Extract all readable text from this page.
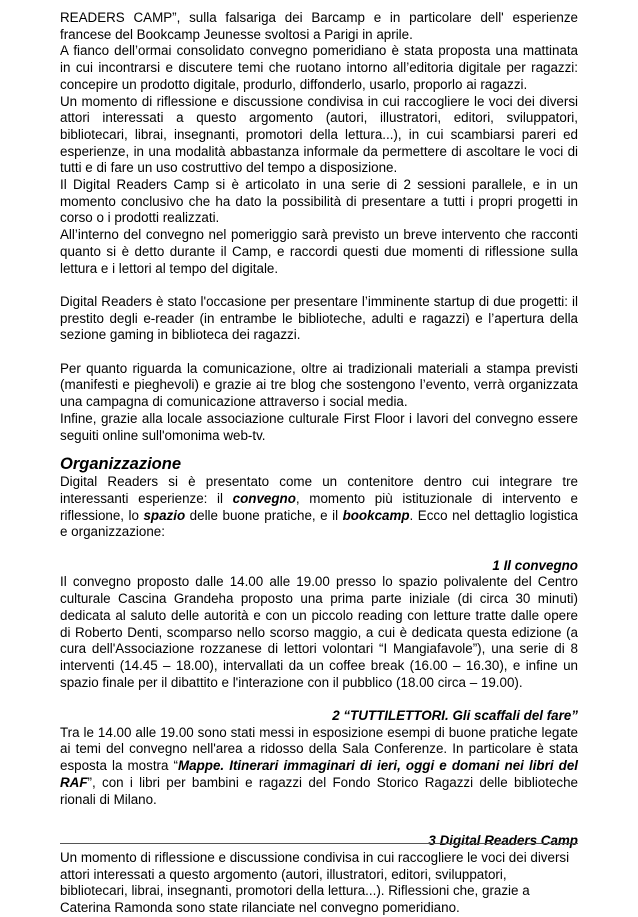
READERS CAMP”, sulla falsariga dei Barcamp e in particolare dell' esperienze francese del Bookcamp Jeunesse svoltosi a Parigi in aprile.

A fianco dell’ormai consolidato convegno pomeridiano è stata proposta una mattinata in cui incontrarsi e discutere temi che ruotano intorno all’editoria digitale per ragazzi: concepire un prodotto digitale, produrlo, diffonderlo, usarlo, proporlo ai ragazzi.

Un momento di riflessione e discussione condivisa in cui raccogliere le voci dei diversi attori interessati a questo argomento (autori, illustratori, editori, sviluppatori, bibliotecari, librai, insegnanti, promotori della lettura...), in cui scambiarsi pareri ed esperienze, in una modalità abbastanza informale da permettere di ascoltare le voci di tutti e di fare un uso costruttivo del tempo a disposizione.

Il Digital Readers Camp si è articolato in una serie di 2 sessioni parallele, e in un momento conclusivo che ha dato la possibilità di presentare a tutti i propri progetti in corso o i prodotti realizzati.

All’interno del convegno nel pomeriggio sarà previsto un breve intervento che racconti quanto si è detto durante il Camp, e raccordi questi due momenti di riflessione sulla lettura e i lettori al tempo del digitale.

Digital Readers è stato l'occasione per presentare l’imminente startup di due progetti: il prestito degli e-reader (in entrambe le biblioteche, adulti e ragazzi) e l’apertura della sezione gaming in biblioteca dei ragazzi.

Per quanto riguarda la comunicazione, oltre ai tradizionali materiali a stampa previsti (manifesti e pieghevoli) e grazie ai tre blog che sostengono l’evento, verrà organizzata una campagna di comunicazione attraverso i social media.

Infine, grazie alla locale associazione culturale First Floor i lavori del convegno essere seguiti online sull'omonima web-tv.

Organizzazione

Digital Readers si è presentato come un contenitore dentro cui integrare tre interessanti esperienze: il convegno, momento più istituzionale di intervento e riflessione, lo spazio delle buone pratiche, e il bookcamp. Ecco nel dettaglio logistica e organizzazione:

1 Il convegno

Il convegno proposto dalle 14.00 alle 19.00 presso lo spazio polivalente del Centro culturale Cascina Grandeha proposto una prima parte iniziale (di circa 30 minuti) dedicata al saluto delle autorità e con un piccolo reading con letture tratte dalle opere di Roberto Denti, scomparso nello scorso maggio, a cui è dedicata questa edizione (a cura dell'Associazione rozzanese di lettori volontari “I Mangiafavole”), una serie di 8 interventi (14.45 – 18.00), intervallati da un coffee break (16.00 – 16.30), e infine un spazio finale per il dibattito e l'interazione con il pubblico (18.00 circa – 19.00).

2 “TUTTILETTORI. Gli scaffali del fare”

Tra le 14.00 alle 19.00 sono stati messi in esposizione esempi di buone pratiche legate ai temi del convegno nell'area a ridosso della Sala Conferenze. In particolare è stata esposta la mostra “Mappe. Itinerari immaginari di ieri, oggi e domani nei libri del RAF”, con i libri per bambini e ragazzi del Fondo Storico Ragazzi delle biblioteche rionali di Milano.

3 Digital Readers Camp

Un momento di riflessione e discussione condivisa in cui raccogliere le voci dei diversi attori interessati a questo argomento (autori, illustratori, editori, sviluppatori, bibliotecari, librai, insegnanti, promotori della lettura...). Riflessioni che, grazie a Caterina Ramonda sono state rilanciate nel convegno pomeridiano.
